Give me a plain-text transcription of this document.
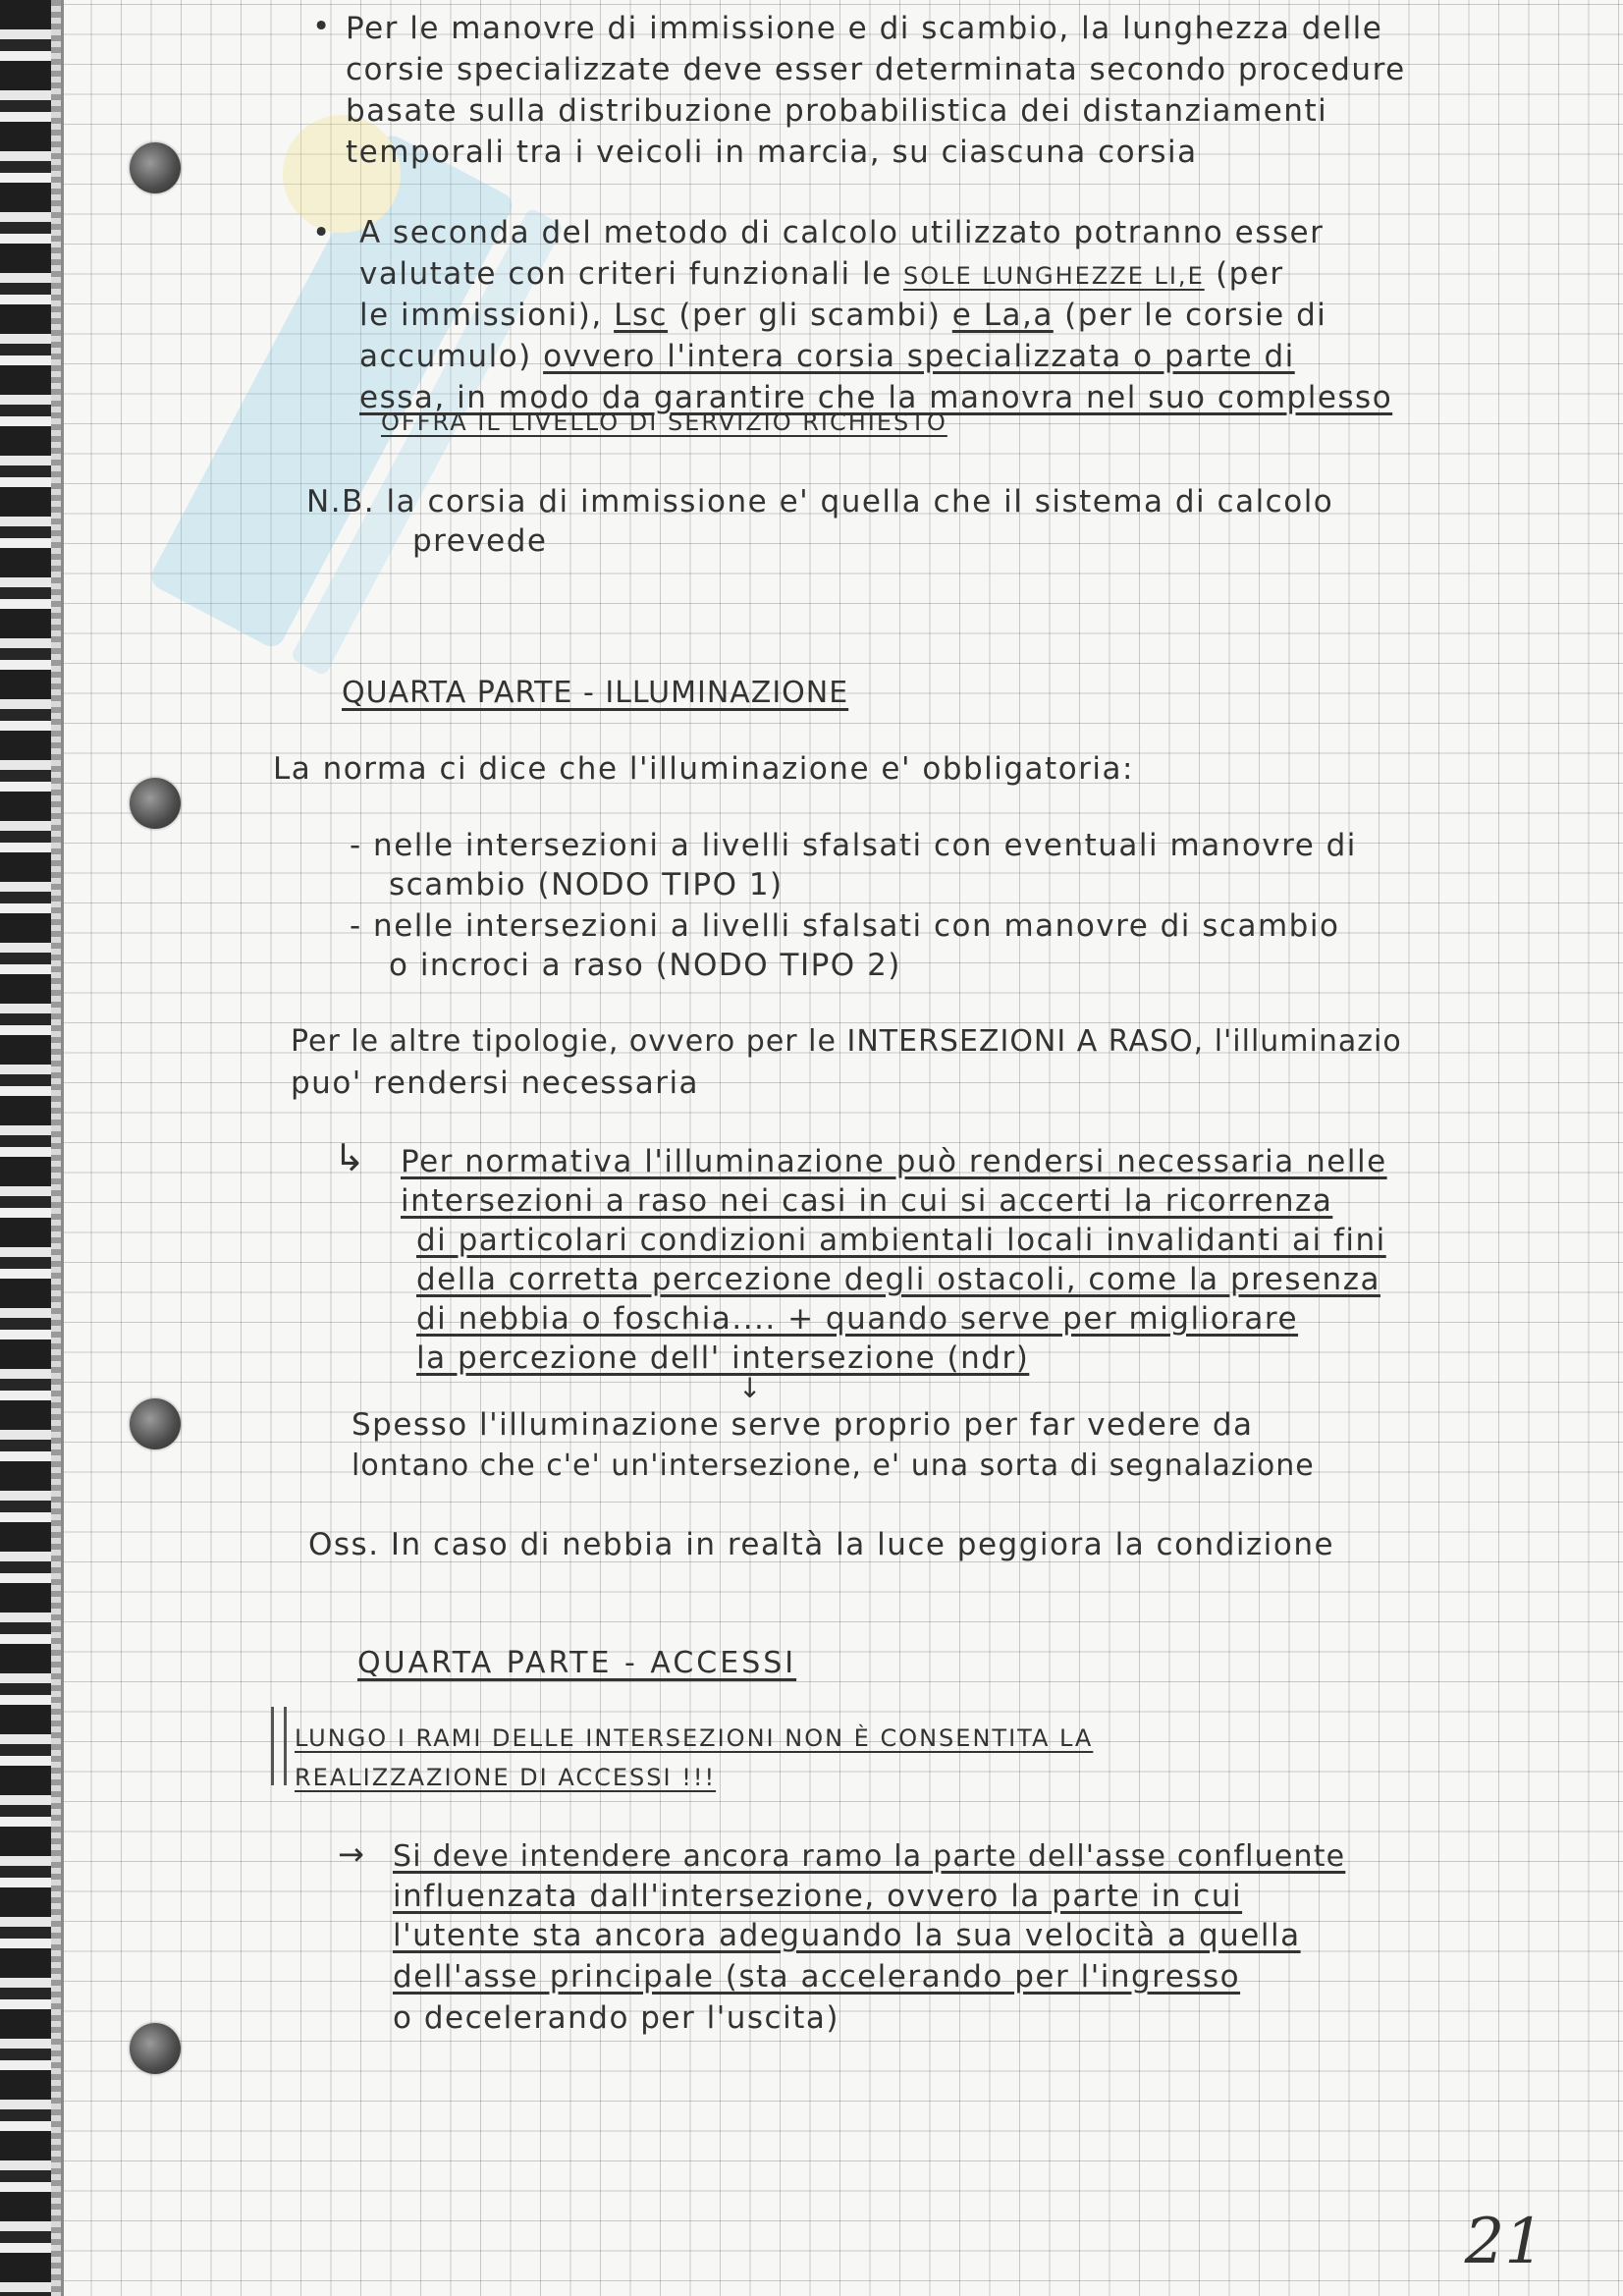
• Per le manovre di immissione e di scambio, la lunghezza delle
corsie specializzate deve esser determinata secondo procedure
basate sulla distribuzione probabilistica dei distanziamenti
temporali tra i veicoli in marcia, su ciascuna corsia
• A seconda del metodo di calcolo utilizzato potranno esser
valutate con criteri funzionali le SOLE LUNGHEZZE LI,E (per
le immissioni), Lsc (per gli scambi) e La,a (per le corsie di
accumulo) ovvero l'intera corsia specializzata o parte di
essa, in modo da garantire che la manovra nel suo complesso
OFFRA IL LIVELLO DI SERVIZIO RICHIESTO
N.B. la corsia di immissione e' quella che il sistema di calcolo
prevede
QUARTA PARTE - ILLUMINAZIONE
La norma ci dice che l'illuminazione e' obbligatoria:
- nelle intersezioni a livelli sfalsati con eventuali manovre di
scambio (NODO TIPO 1)
- nelle intersezioni a livelli sfalsati con manovre di scambio
o incroci a raso (NODO TIPO 2)
Per le altre tipologie, ovvero per le INTERSEZIONI A RASO, l'illuminazio
puo' rendersi necessaria
↳ Per normativa l'illuminazione può rendersi necessaria nelle
intersezioni a raso nei casi in cui si accerti la ricorrenza
di particolari condizioni ambientali locali invalidanti ai fini
della corretta percezione degli ostacoli, come la presenza
di nebbia o foschia.... + quando serve per migliorare
la percezione dell' intersezione (ndr)
↓
Spesso l'illuminazione serve proprio per far vedere da
lontano che c'e' un'intersezione, e' una sorta di segnalazione
Oss. In caso di nebbia in realtà la luce peggiora la condizione
QUARTA PARTE - ACCESSI
LUNGO I RAMI DELLE INTERSEZIONI NON È CONSENTITA LA
REALIZZAZIONE DI ACCESSI !!!
→ Si deve intendere ancora ramo la parte dell'asse confluente
influenzata dall'intersezione, ovvero la parte in cui
l'utente sta ancora adeguando la sua velocità a quella
dell'asse principale (sta accelerando per l'ingresso
o decelerando per l'uscita)
21
